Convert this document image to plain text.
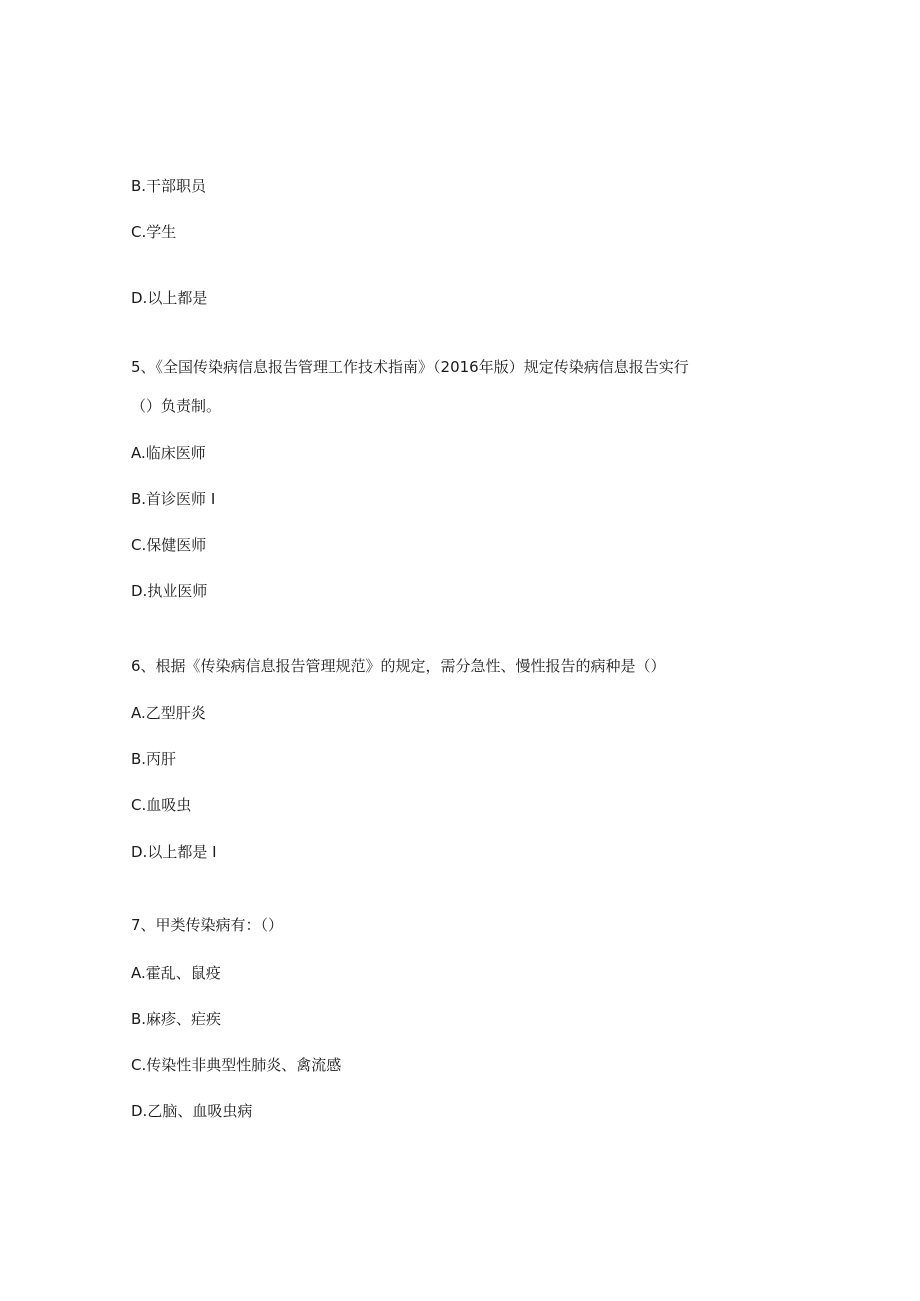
B.干部职员
C.学生
D.以上都是
5、《全国传染病信息报告管理工作技术指南》（2016年版）规定传染病信息报告实行
（）负责制。
A.临床医师
B.首诊医师 I
C.保健医师
D.执业医师
6、根据《传染病信息报告管理规范》的规定，需分急性、慢性报告的病种是（）
A.乙型肝炎
B.丙肝
C.血吸虫
D.以上都是 I
7、甲类传染病有：（）
A.霍乱、鼠疫
B.麻疹、疟疾
C.传染性非典型性肺炎、禽流感
D.乙脑、血吸虫病
